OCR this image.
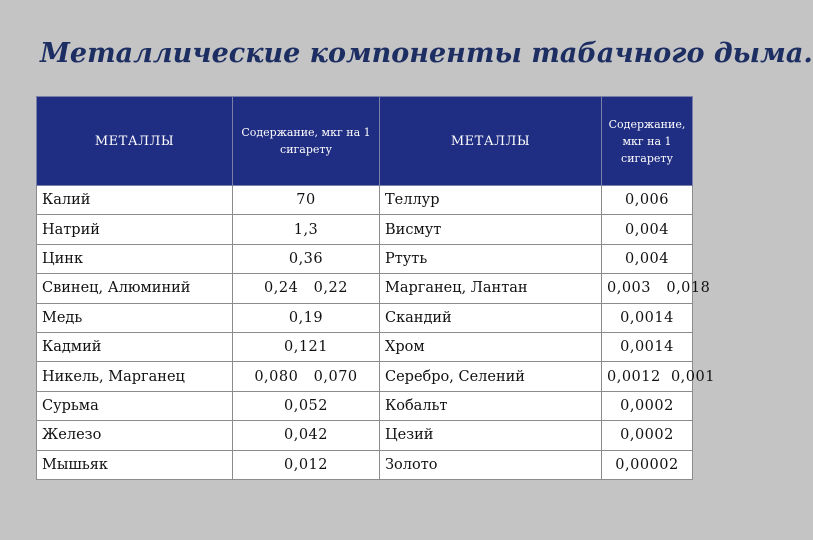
Металлические компоненты табачного дыма.
МЕТАЛЛЫ	Содержание, мкг на 1 сигарету	МЕТАЛЛЫ	Содержание, мкг на 1 сигарету
Калий	70	Теллур	0,006
Натрий	1,3	Висмут	0,004
Цинк	0,36	Ртуть	0,004
Свинец, Алюминий	0,24   0,22	Марганец, Лантан	0,003   0,018
Медь	0,19	Скандий	0,0014
Кадмий	0,121	Хром	0,0014
Никель, Марганец	0,080   0,070	Серебро, Селений	0,0012  0,001
Сурьма	0,052	Кобальт	0,0002
Железо	0,042	Цезий	0,0002
Мышьяк	0,012	Золото	0,00002
